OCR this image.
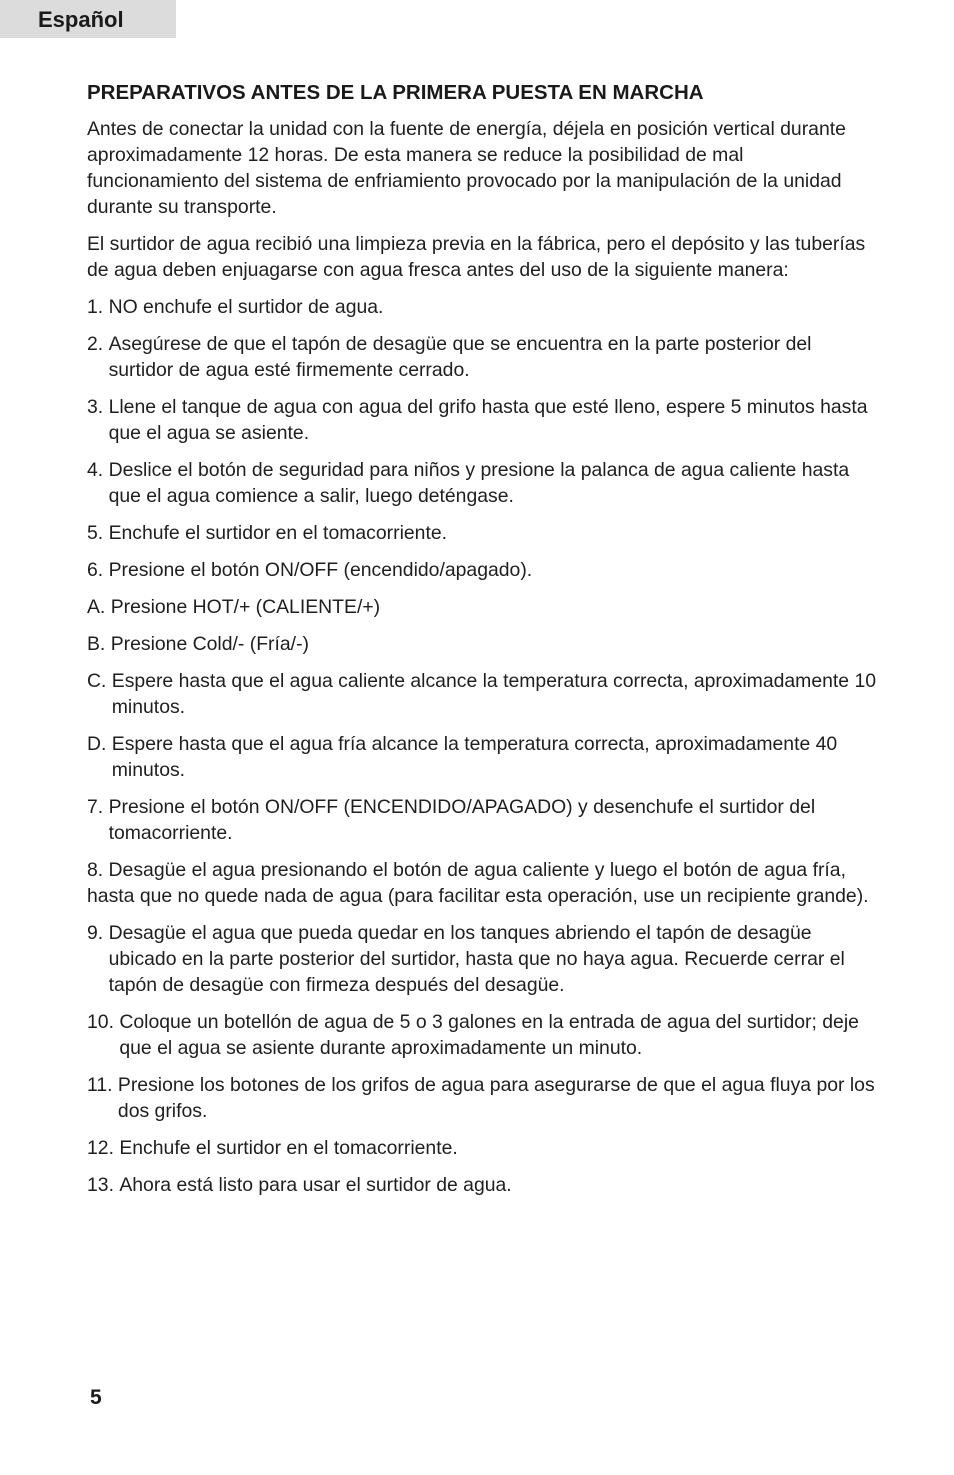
Español
PREPARATIVOS ANTES DE LA PRIMERA PUESTA EN MARCHA

Antes de conectar la unidad con la fuente de energía, déjela en posición vertical durante aproximadamente 12 horas. De esta manera se reduce la posibilidad de mal funcionamiento del sistema de enfriamiento provocado por la manipulación de la unidad durante su transporte.

El surtidor de agua recibió una limpieza previa en la fábrica, pero el depósito y las tuberías de agua deben enjuagarse con agua fresca antes del uso de la siguiente manera:

1. NO enchufe el surtidor de agua.
2. Asegúrese de que el tapón de desagüe que se encuentra en la parte posterior del surtidor de agua esté firmemente cerrado.
3. Llene el tanque de agua con agua del grifo hasta que esté lleno, espere 5 minutos hasta que el agua se asiente.
4. Deslice el botón de seguridad para niños y presione la palanca de agua caliente hasta que el agua comience a salir, luego deténgase.
5. Enchufe el surtidor en el tomacorriente.
6. Presione el botón ON/OFF (encendido/apagado).
A. Presione HOT/+ (CALIENTE/+)
B. Presione Cold/- (Fría/-)
C. Espere hasta que el agua caliente alcance la temperatura correcta, aproximadamente 10 minutos.
D. Espere hasta que el agua fría alcance la temperatura correcta, aproximadamente 40 minutos.
7. Presione el botón ON/OFF (ENCENDIDO/APAGADO) y desenchufe el surtidor del tomacorriente.
8. Desagüe el agua presionando el botón de agua caliente y luego el botón de agua fría, hasta que no quede nada de agua (para facilitar esta operación, use un recipiente grande).
9. Desagüe el agua que pueda quedar en los tanques abriendo el tapón de desagüe ubicado en la parte posterior del surtidor, hasta que no haya agua. Recuerde cerrar el tapón de desagüe con firmeza después del desagüe.
10. Coloque un botellón de agua de 5 o 3 galones en la entrada de agua del surtidor; deje que el agua se asiente durante aproximadamente un minuto.
11. Presione los botones de los grifos de agua para asegurarse de que el agua fluya por los dos grifos.
12. Enchufe el surtidor en el tomacorriente.
13. Ahora está listo para usar el surtidor de agua.
5
